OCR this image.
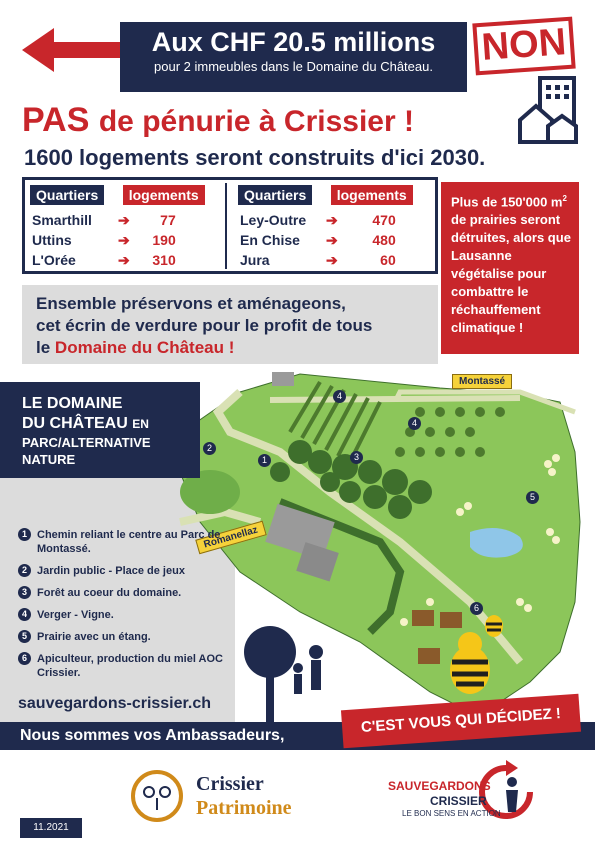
Aux CHF 20.5 millions
pour 2 immeubles dans le Domaine du Château.	NON
PAS de pénurie à Crissier !
1600 logements seront construits d'ici 2030.
Quartiers logements	Quartiers logements
Smarthill ➔ 77
Uttins	➔ 190
L'Orée	➔ 310
Ley-Outre ➔ 470
En Chise ➔ 480
Jura	➔	60
Plus de 150'000 $m^2$ de prairies seront détruites, alors que Lausanne végétalise pour combattre le réchauffement climatique !
Ensemble préservons et aménageons,
cet écrin de verdure pour le profit de tous
le Domaine du Château !
1
2
3
4
4
5
6
Montassé
Romanellaz
LE DOMAINE
DU CHÂTEAU EN
PARC/ALTERNATIVE
NATURE
1 Chemin reliant le centre au Parc de Montassé.
2 Jardin public - Place de jeux
3 Forêt au coeur du domaine.
4 Verger - Vigne.
5 Prairie avec un étang.
6 Apiculteur, production du miel AOC Crissier.
sauvegardons-crissier.ch
Nous sommes vos Ambassadeurs,	C'EST VOUS QUI DÉCIDEZ !
Crissier
Patrimoine
SAUVEGARDONS
CRISSIER
LE BON SENS EN ACTION
11.2021
